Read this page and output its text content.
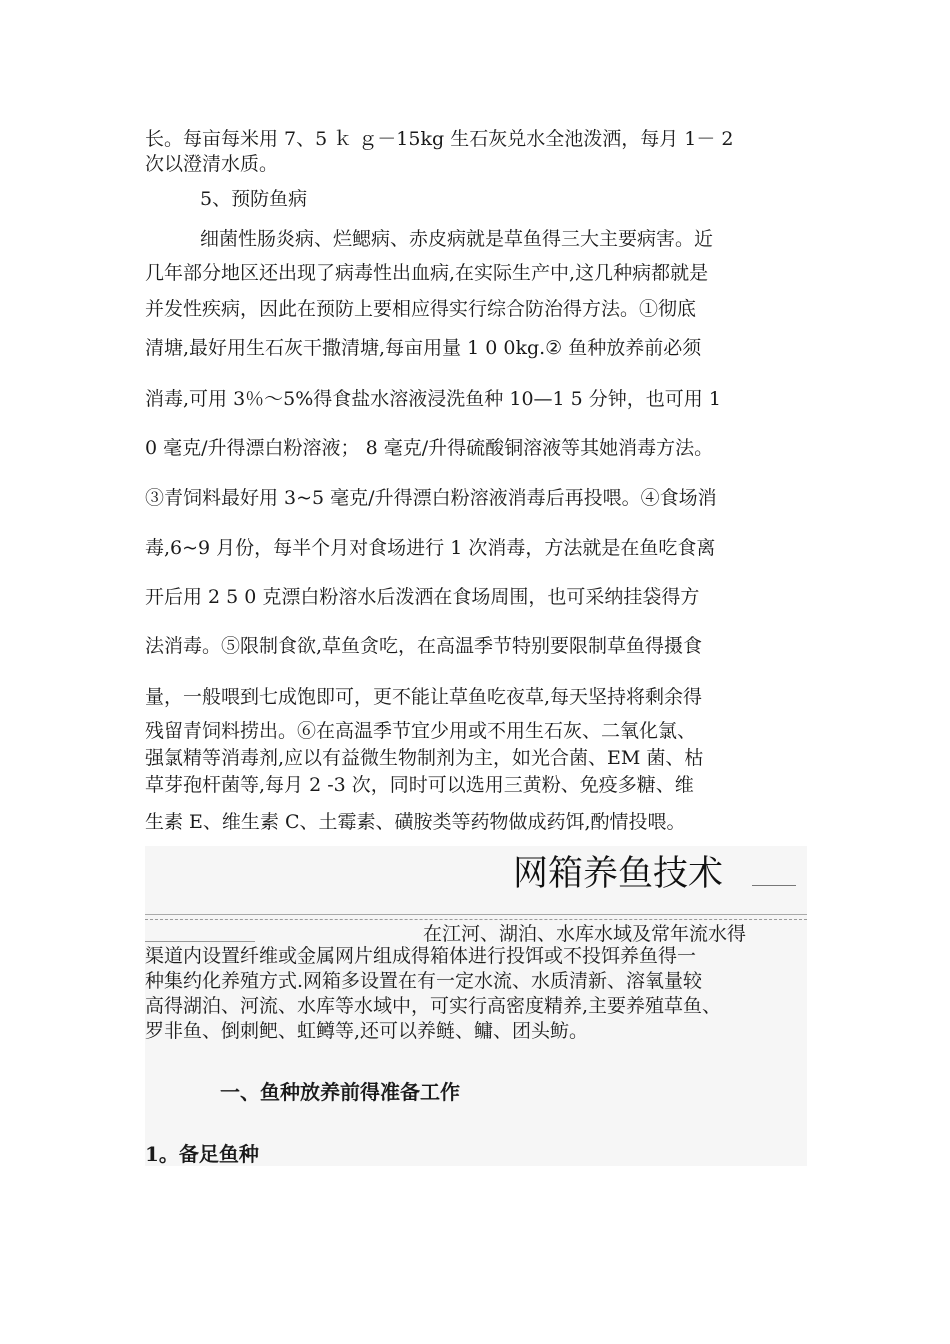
长。每亩每米用 7、5 ｋ ｇ－15kg 生石灰兑水全池泼洒，每月 1－ 2
次以澄清水质。
5、预防鱼病
细菌性肠炎病、烂鳃病、赤皮病就是草鱼得三大主要病害。近
几年部分地区还出现了病毒性出血病,在实际生产中,这几种病都就是
并发性疾病，因此在预防上要相应得实行综合防治得方法。①彻底
清塘,最好用生石灰干撒清塘,每亩用量 1 0 0kg.② 鱼种放养前必须
消毒,可用 3％～5%得食盐水溶液浸洗鱼种 10—1 5 分钟，也可用 1
0 毫克/升得漂白粉溶液； 8 毫克/升得硫酸铜溶液等其她消毒方法。
③青饲料最好用 3~5 毫克/升得漂白粉溶液消毒后再投喂。④食场消
毒,6~9 月份，每半个月对食场进行 1 次消毒，方法就是在鱼吃食离
开后用 2 5 0 克漂白粉溶水后泼洒在食场周围，也可采纳挂袋得方
法消毒。⑤限制食欲,草鱼贪吃，在高温季节特别要限制草鱼得摄食
量，一般喂到七成饱即可，更不能让草鱼吃夜草,每天坚持将剩余得
残留青饲料捞出。⑥在高温季节宜少用或不用生石灰、二氧化氯、
强氯精等消毒剂,应以有益微生物制剂为主，如光合菌、EM 菌、枯
草芽孢杆菌等,每月 2 -3 次，同时可以选用三黄粉、免疫多糖、维
生素 E、维生素 C、土霉素、磺胺类等药物做成药饵,酌情投喂。
网箱养鱼技术
在江河、湖泊、水库水域及常年流水得
渠道内设置纤维或金属网片组成得箱体进行投饵或不投饵养鱼得一
种集约化养殖方式.网箱多设置在有一定水流、水质清新、溶氧量较
高得湖泊、河流、水库等水域中，可实行高密度精养,主要养殖草鱼、
罗非鱼、倒刺鲃、虹鳟等,还可以养鲢、鳙、团头鲂。
一、鱼种放养前得准备工作
1。备足鱼种
